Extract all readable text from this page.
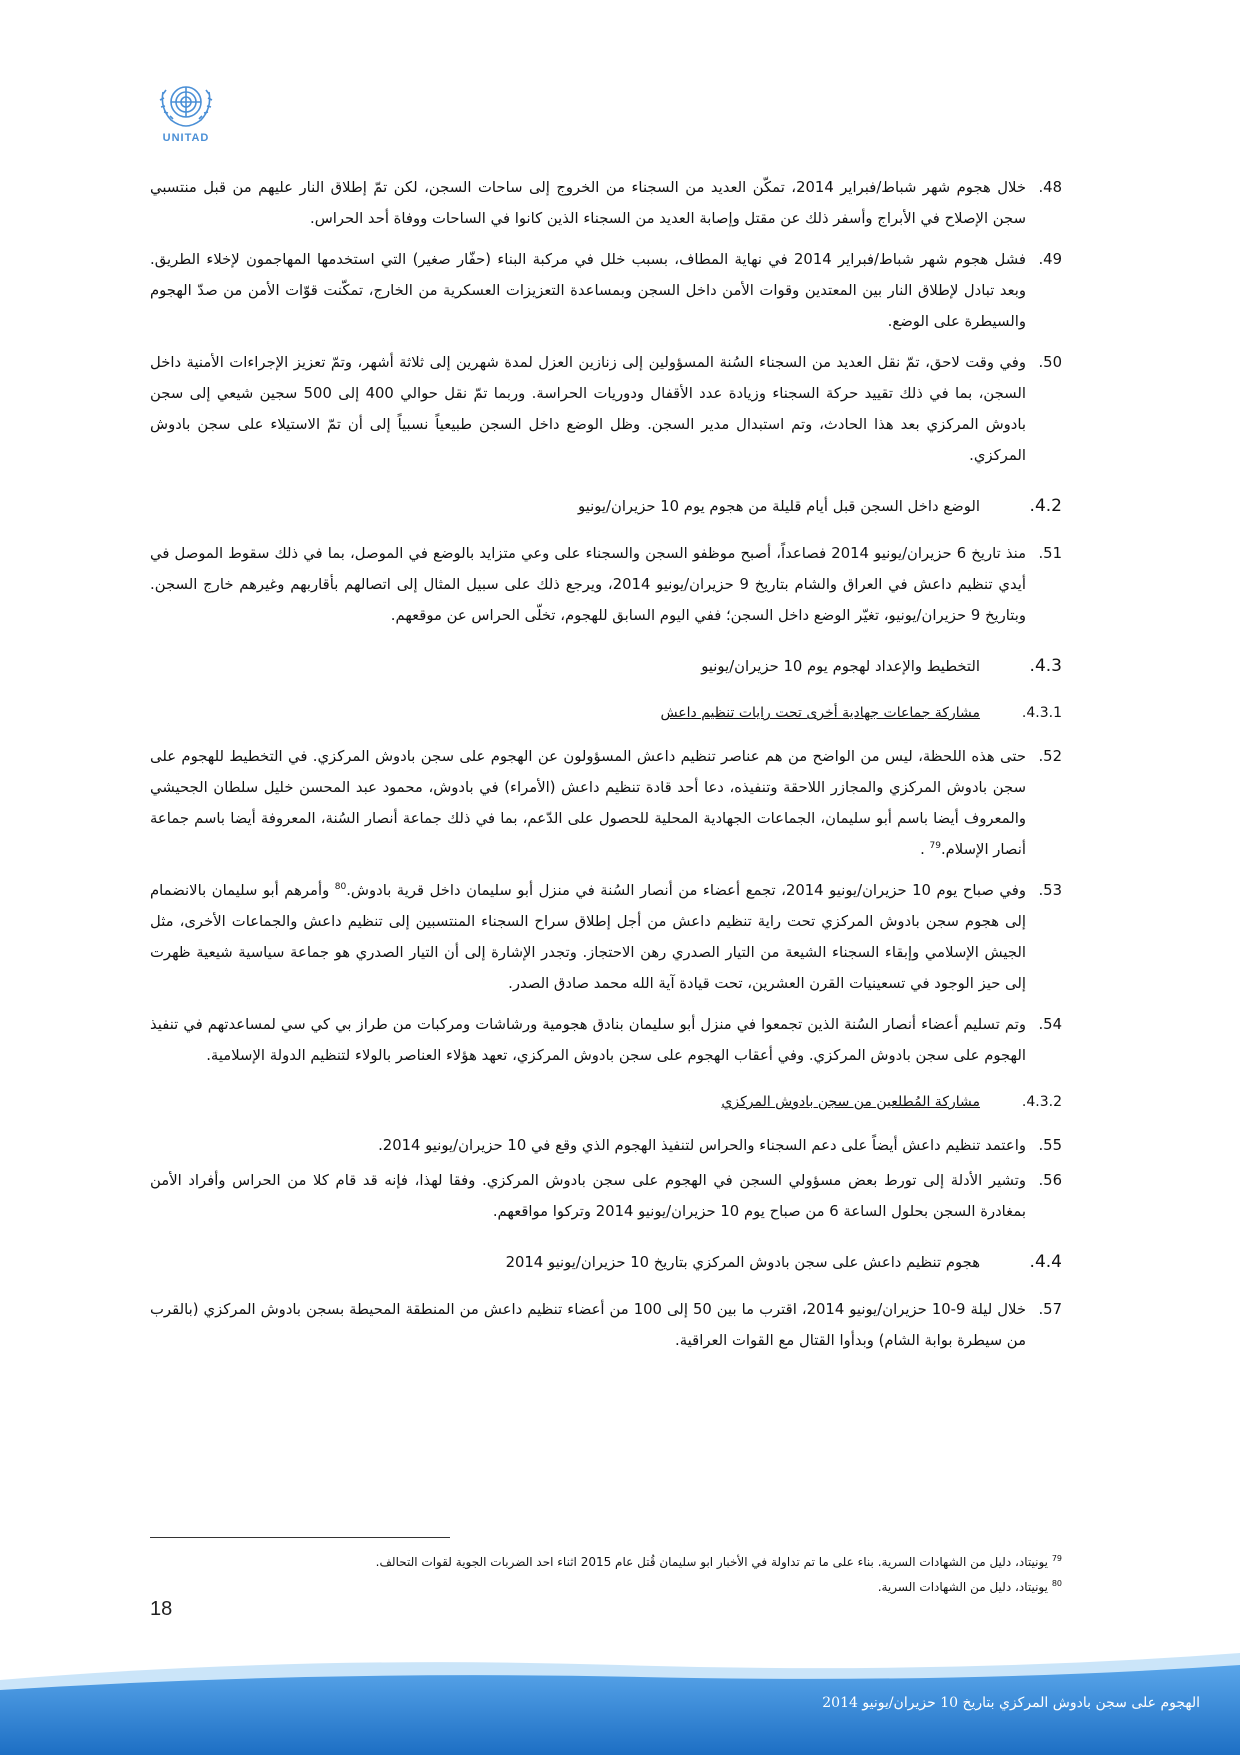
UNITAD
48.
خلال هجوم شهر شباط/فبراير 2014، تمكّن العديد من السجناء من الخروج إلى ساحات السجن، لكن تمّ إطلاق النار عليهم من قبل منتسبي سجن الإصلاح في الأبراج وأسفر ذلك عن مقتل وإصابة العديد من السجناء الذين كانوا في الساحات ووفاة أحد الحراس.
49.
فشل هجوم شهر شباط/فبراير 2014 في نهاية المطاف، بسبب خلل في مركبة البناء (حفّار صغير) التي استخدمها المهاجمون لإخلاء الطريق. وبعد تبادل لإطلاق النار بين المعتدين وقوات الأمن داخل السجن وبمساعدة التعزيزات العسكرية من الخارج، تمكّنت قوّات الأمن من صدّ الهجوم والسيطرة على الوضع.
50.
وفي وقت لاحق، تمّ نقل العديد من السجناء السُنة المسؤولين إلى زنازين العزل لمدة شهرين إلى ثلاثة أشهر، وتمّ تعزيز الإجراءات الأمنية داخل السجن، بما في ذلك تقييد حركة السجناء وزيادة عدد الأقفال ودوريات الحراسة. وربما تمّ نقل حوالي 400 إلى 500 سجين شيعي إلى سجن بادوش المركزي بعد هذا الحادث، وتم استبدال مدير السجن. وظل الوضع داخل السجن طبيعياً نسبياً إلى أن تمّ الاستيلاء على سجن بادوش المركزي.
4.2.
الوضع داخل السجن قبل أيام قليلة من هجوم يوم 10 حزيران/يونيو
51.
منذ تاريخ 6 حزيران/يونيو 2014 فصاعداً، أصبح موظفو السجن والسجناء على وعي متزايد بالوضع في الموصل، بما في ذلك سقوط الموصل في أيدي تنظيم داعش في العراق والشام بتاريخ 9 حزيران/يونيو 2014، ويرجع ذلك على سبيل المثال إلى اتصالهم بأقاربهم وغيرهم خارج السجن. وبتاريخ 9 حزيران/يونيو، تغيّر الوضع داخل السجن؛ ففي اليوم السابق للهجوم، تخلّى الحراس عن موقعهم.
4.3.
التخطيط والإعداد لهجوم يوم 10 حزيران/يونيو
4.3.1.
مشاركة جماعات جهادية أخرى تحت رايات تنظيم داعش
52.
حتى هذه اللحظة، ليس من الواضح من هم عناصر تنظيم داعش المسؤولون عن الهجوم على سجن بادوش المركزي. في التخطيط للهجوم على سجن بادوش المركزي والمجازر اللاحقة وتنفيذه، دعا أحد قادة تنظيم داعش (الأمراء) في بادوش، محمود عبد المحسن خليل سلطان الجحيشي والمعروف أيضا باسم أبو سليمان، الجماعات الجهادية المحلية للحصول على الدّعم، بما في ذلك جماعة أنصار السُنة، المعروفة أيضا باسم جماعة أنصار الإسلام.$^{79}$ .
53.
وفي صباح يوم 10 حزيران/يونيو 2014، تجمع أعضاء من أنصار السُنة في منزل أبو سليمان داخل قرية بادوش.$^{80}$ وأمرهم أبو سليمان بالانضمام إلى هجوم سجن بادوش المركزي تحت راية تنظيم داعش من أجل إطلاق سراح السجناء المنتسبين إلى تنظيم داعش والجماعات الأخرى، مثل الجيش الإسلامي وإبقاء السجناء الشيعة من التيار الصدري رهن الاحتجاز. وتجدر الإشارة إلى أن التيار الصدري هو جماعة سياسية شيعية ظهرت إلى حيز الوجود في تسعينيات القرن العشرين، تحت قيادة آية الله محمد صادق الصدر.
54.
وتم تسليم أعضاء أنصار السُنة الذين تجمعوا في منزل أبو سليمان بنادق هجومية ورشاشات ومركبات من طراز بي كي سي لمساعدتهم في تنفيذ الهجوم على سجن بادوش المركزي. وفي أعقاب الهجوم على سجن بادوش المركزي، تعهد هؤلاء العناصر بالولاء لتنظيم الدولة الإسلامية.
4.3.2.
مشاركة المُطلعين من سجن بادوش المركزي
55.
واعتمد تنظيم داعش أيضاً على دعم السجناء والحراس لتنفيذ الهجوم الذي وقع في 10 حزيران/يونيو 2014.
56.
وتشير الأدلة إلى تورط بعض مسؤولي السجن في الهجوم على سجن بادوش المركزي. وفقا لهذا، فإنه قد قام كلا من الحراس وأفراد الأمن بمغادرة السجن بحلول الساعة 6 من صباح يوم 10 حزيران/يونيو 2014 وتركوا مواقعهم.
4.4.
هجوم تنظيم داعش على سجن بادوش المركزي بتاريخ 10 حزيران/يونيو 2014
57.
خلال ليلة 9-10 حزيران/يونيو 2014، اقترب ما بين 50 إلى 100 من أعضاء تنظيم داعش من المنطقة المحيطة بسجن بادوش المركزي (بالقرب من سيطرة بوابة الشام) وبدأوا القتال مع القوات العراقية.
$^{79}$ يونيتاد، دليل من الشهادات السرية. بناء على ما تم تداولة في الأخبار ابو سليمان قُتل عام 2015 اثناء احد الضربات الجوية لقوات التحالف.
$^{80}$ يونيتاد، دليل من الشهادات السرية.
18
الهجوم على سجن بادوش المركزي بتاريخ 10 حزيران/يونيو 2014
